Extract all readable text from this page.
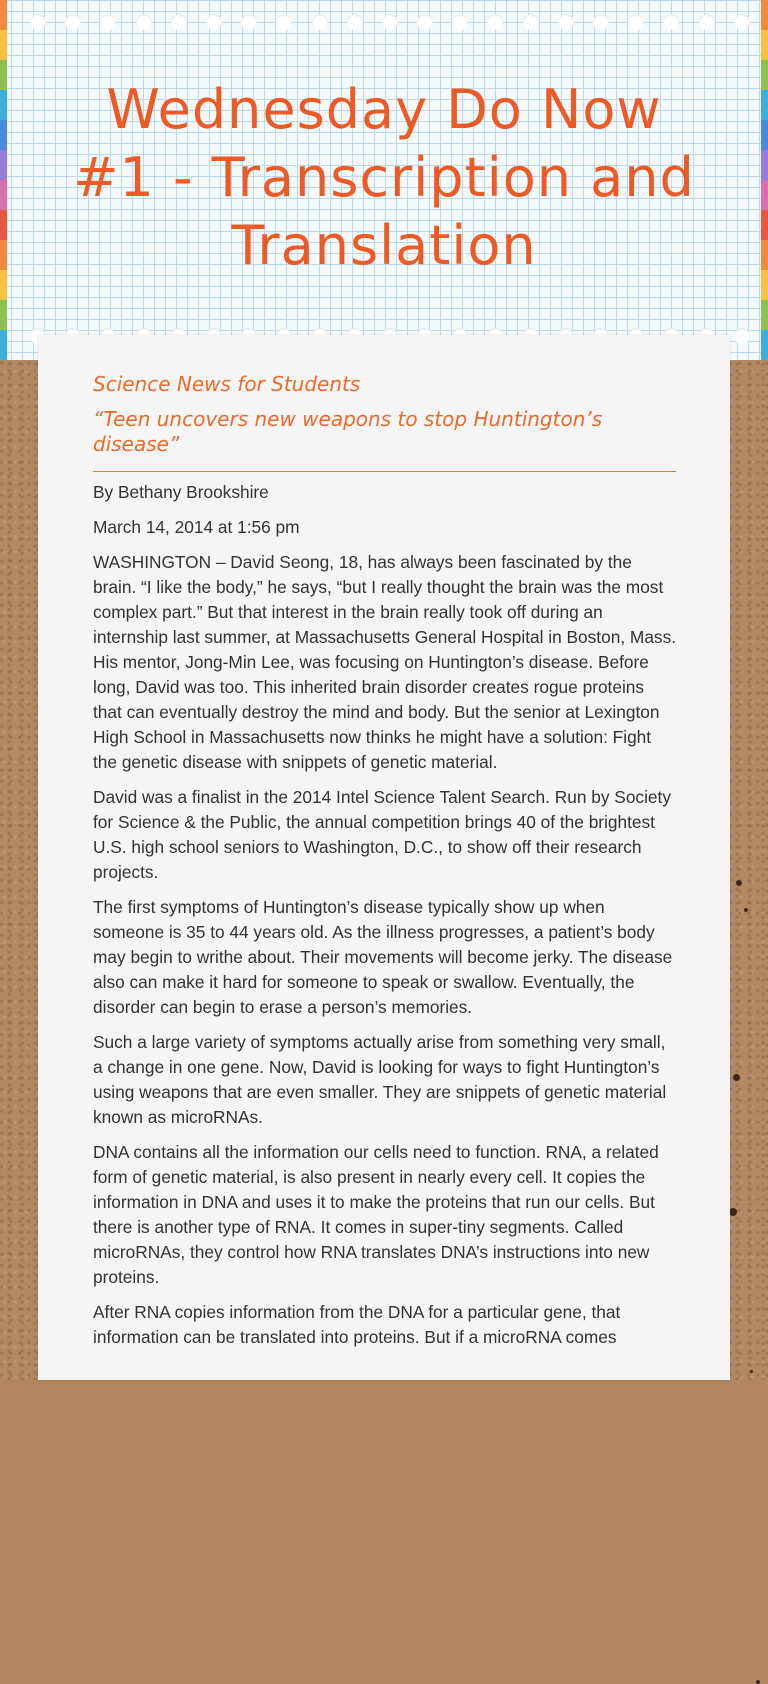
Wednesday Do Now #1 - Transcription and Translation

Science News for Students

“Teen uncovers new weapons to stop Huntington’s disease”

By Bethany Brookshire

March 14, 2014 at 1:56 pm

WASHINGTON – David Seong, 18, has always been fascinated by the brain. “I like the body,” he says, “but I really thought the brain was the most complex part.” But that interest in the brain really took off during an internship last summer, at Massachusetts General Hospital in Boston, Mass. His mentor, Jong-Min Lee, was focusing on Huntington’s disease. Before long, David was too. This inherited brain disorder creates rogue proteins that can eventually destroy the mind and body. But the senior at Lexington High School in Massachusetts now thinks he might have a solution: Fight the genetic disease with snippets of genetic material.

David was a finalist in the 2014 Intel Science Talent Search. Run by Society for Science & the Public, the annual competition brings 40 of the brightest U.S. high school seniors to Washington, D.C., to show off their research projects.

The first symptoms of Huntington’s disease typically show up when someone is 35 to 44 years old. As the illness progresses, a patient’s body may begin to writhe about. Their movements will become jerky. The disease also can make it hard for someone to speak or swallow. Eventually, the disorder can begin to erase a person’s memories.

Such a large variety of symptoms actually arise from something very small, a change in one gene. Now, David is looking for ways to fight Huntington’s using weapons that are even smaller. They are snippets of genetic material known as microRNAs.

DNA contains all the information our cells need to function. RNA, a related form of genetic material, is also present in nearly every cell. It copies the information in DNA and uses it to make the proteins that run our cells. But there is another type of RNA. It comes in super-tiny segments. Called microRNAs, they control how RNA translates DNA’s instructions into new proteins.

After RNA copies information from the DNA for a particular gene, that information can be translated into proteins. But if a microRNA comes
